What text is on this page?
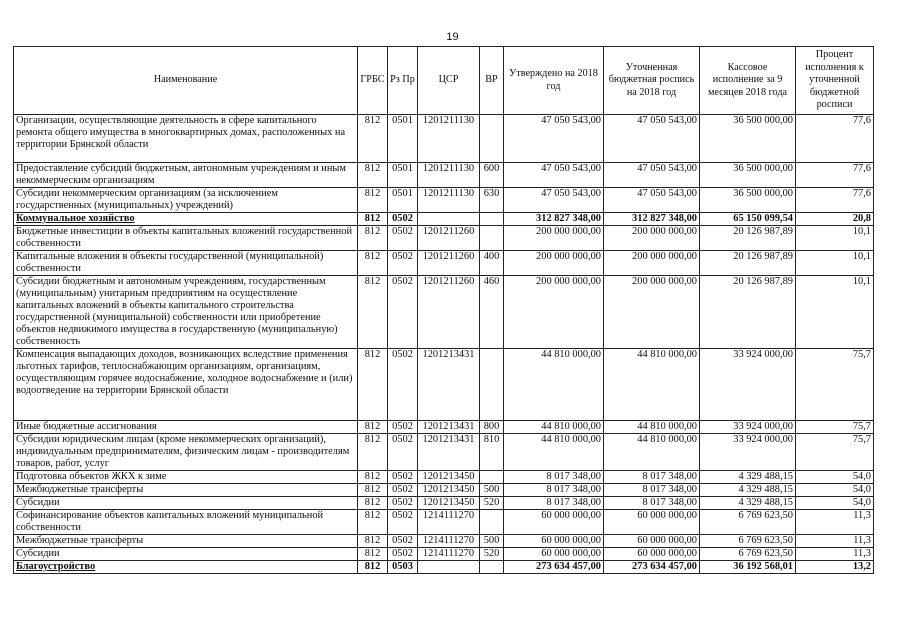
19
Наименование	ГРБС	Рз Пр	ЦСР	ВР	Утверждено на 2018 год	Уточненная бюджетная роспись на 2018 год	Кассовое исполнение за 9 месяцев 2018 года	Процент исполнения к уточненной бюджетной росписи
Организации, осуществляющие деятельность в сфере капитального ремонта общего имущества в многоквартирных домах, расположенных на территории Брянской области	812	0501	1201211130		47 050 543,00	47 050 543,00	36 500 000,00	77,6
Предоставление субсидий бюджетным, автономным учреждениям и иным некоммерческим организациям	812	0501	1201211130	600	47 050 543,00	47 050 543,00	36 500 000,00	77,6
Субсидии некоммерческим организациям (за исключением государственных (муниципальных) учреждений)	812	0501	1201211130	630	47 050 543,00	47 050 543,00	36 500 000,00	77,6
Коммунальное хозяйство	812	0502			312 827 348,00	312 827 348,00	65 150 099,54	20,8
Бюджетные инвестиции в объекты капитальных вложений государственной собственности	812	0502	1201211260		200 000 000,00	200 000 000,00	20 126 987,89	10,1
Капитальные вложения в объекты государственной (муниципальной) собственности	812	0502	1201211260	400	200 000 000,00	200 000 000,00	20 126 987,89	10,1
Субсидии бюджетным и автономным учреждениям, государственным (муниципальным) унитарным предприятиям на осуществление капитальных вложений в объекты капитального строительства государственной (муниципальной) собственности или приобретение объектов недвижимого имущества в государственную (муниципальную) собственность	812	0502	1201211260	460	200 000 000,00	200 000 000,00	20 126 987,89	10,1
Компенсация выпадающих доходов, возникающих вследствие применения льготных тарифов, теплоснабжающим организациям, организациям, осуществляющим горячее водоснабжение, холодное водоснабжение и (или) водоотведение на территории Брянской области	812	0502	1201213431		44 810 000,00	44 810 000,00	33 924 000,00	75,7
Иные бюджетные ассигнования	812	0502	1201213431	800	44 810 000,00	44 810 000,00	33 924 000,00	75,7
Субсидии юридическим лицам (кроме некоммерческих организаций), индивидуальным предпринимателям, физическим лицам - производителям товаров, работ, услуг	812	0502	1201213431	810	44 810 000,00	44 810 000,00	33 924 000,00	75,7
Подготовка объектов ЖКХ к зиме	812	0502	1201213450		8 017 348,00	8 017 348,00	4 329 488,15	54,0
Межбюджетные трансферты	812	0502	1201213450	500	8 017 348,00	8 017 348,00	4 329 488,15	54,0
Субсидии	812	0502	1201213450	520	8 017 348,00	8 017 348,00	4 329 488,15	54,0
Софинансирование объектов капитальных вложений муниципальной собственности	812	0502	1214111270		60 000 000,00	60 000 000,00	6 769 623,50	11,3
Межбюджетные трансферты	812	0502	1214111270	500	60 000 000,00	60 000 000,00	6 769 623,50	11,3
Субсидии	812	0502	1214111270	520	60 000 000,00	60 000 000,00	6 769 623,50	11,3
Благоустройство	812	0503			273 634 457,00	273 634 457,00	36 192 568,01	13,2
